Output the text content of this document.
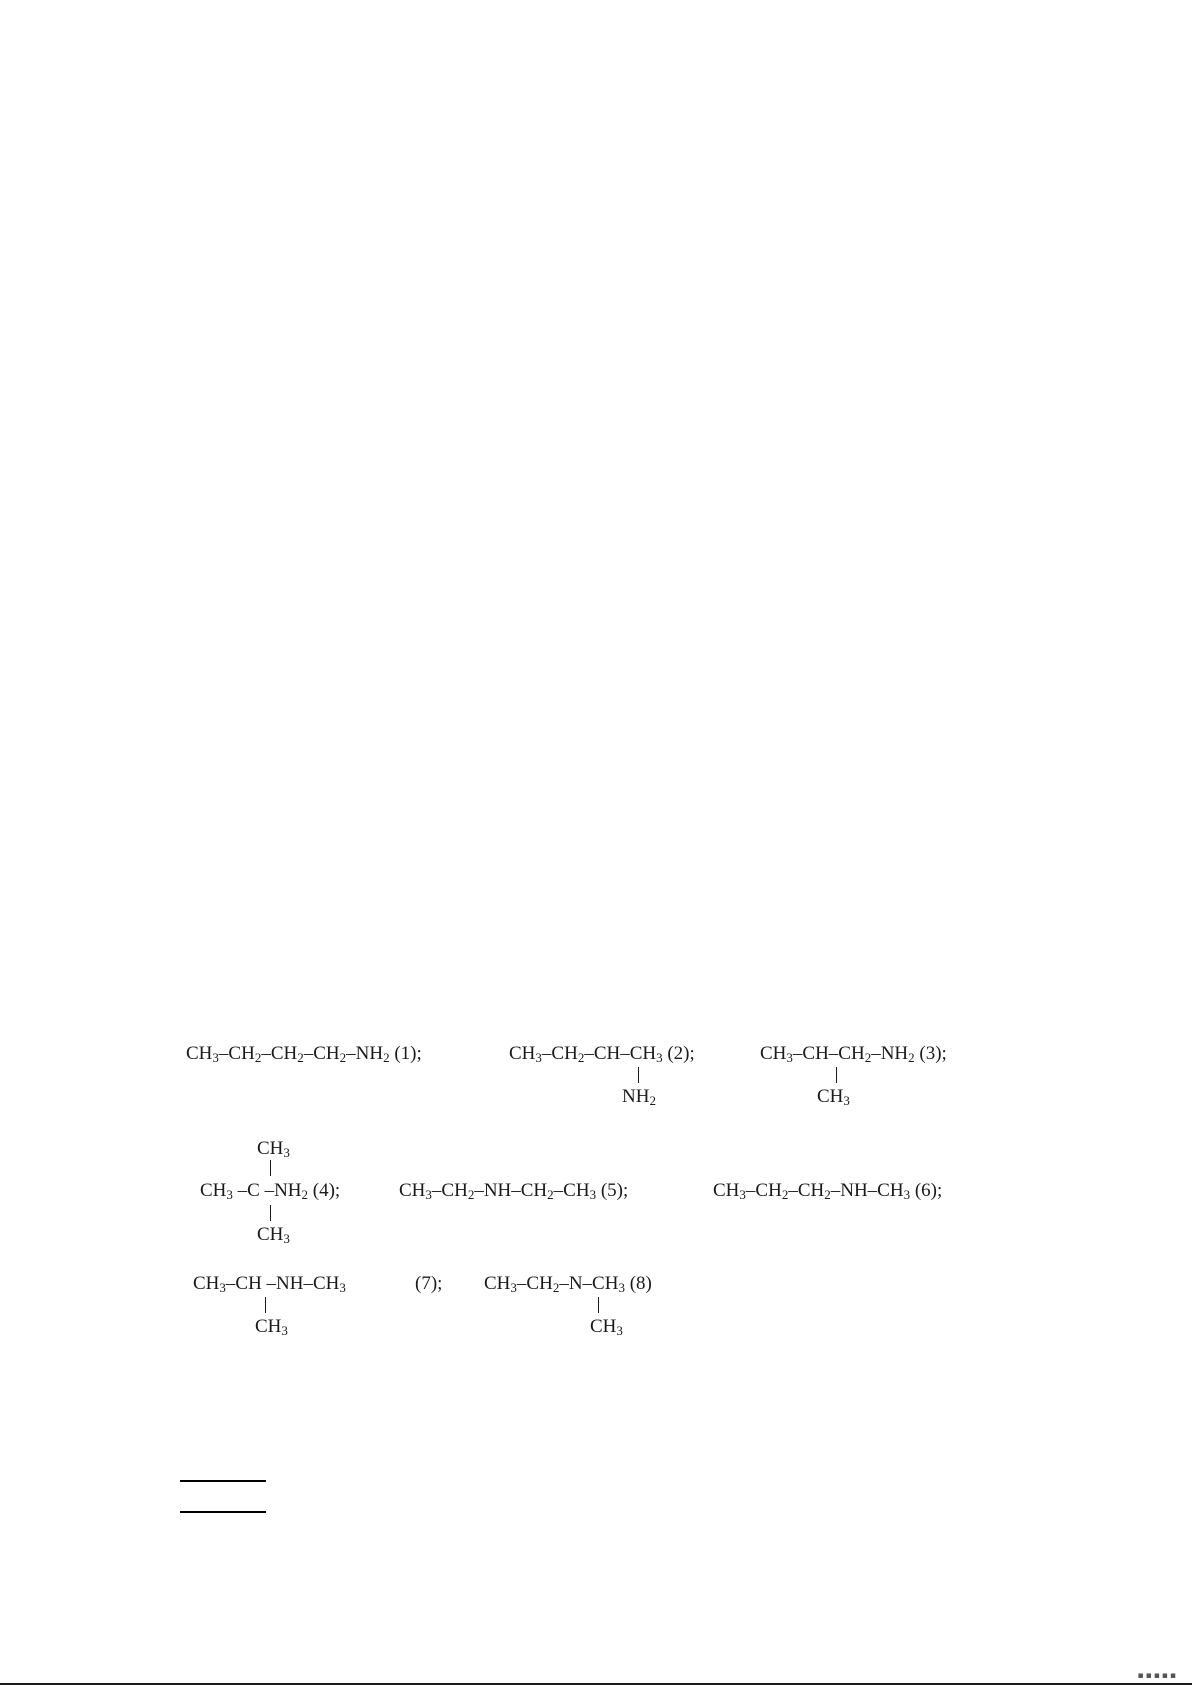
$CH_3-CH_2-CH_2-CH_2-NH_2$ (1);	$CH_3-CH_2-CH-CH_3$ (2);
$NH_2$
$CH_3-CH-CH_2-NH_2$ (3);
$CH_3$
$CH_3$
$CH_3$ –C $-NH_2$ (4);
$CH_3$
$CH_3-CH_2-NH-CH_2-CH_3$ (5);	$CH_3-CH_2-CH_2-NH-CH_3$ (6);
$CH_3-CH$ $-NH-CH_3$	(7);
$CH_3$
$CH_3-CH_2-N-CH_3$ (8)
$CH_3$
▪▪▪▪▪
